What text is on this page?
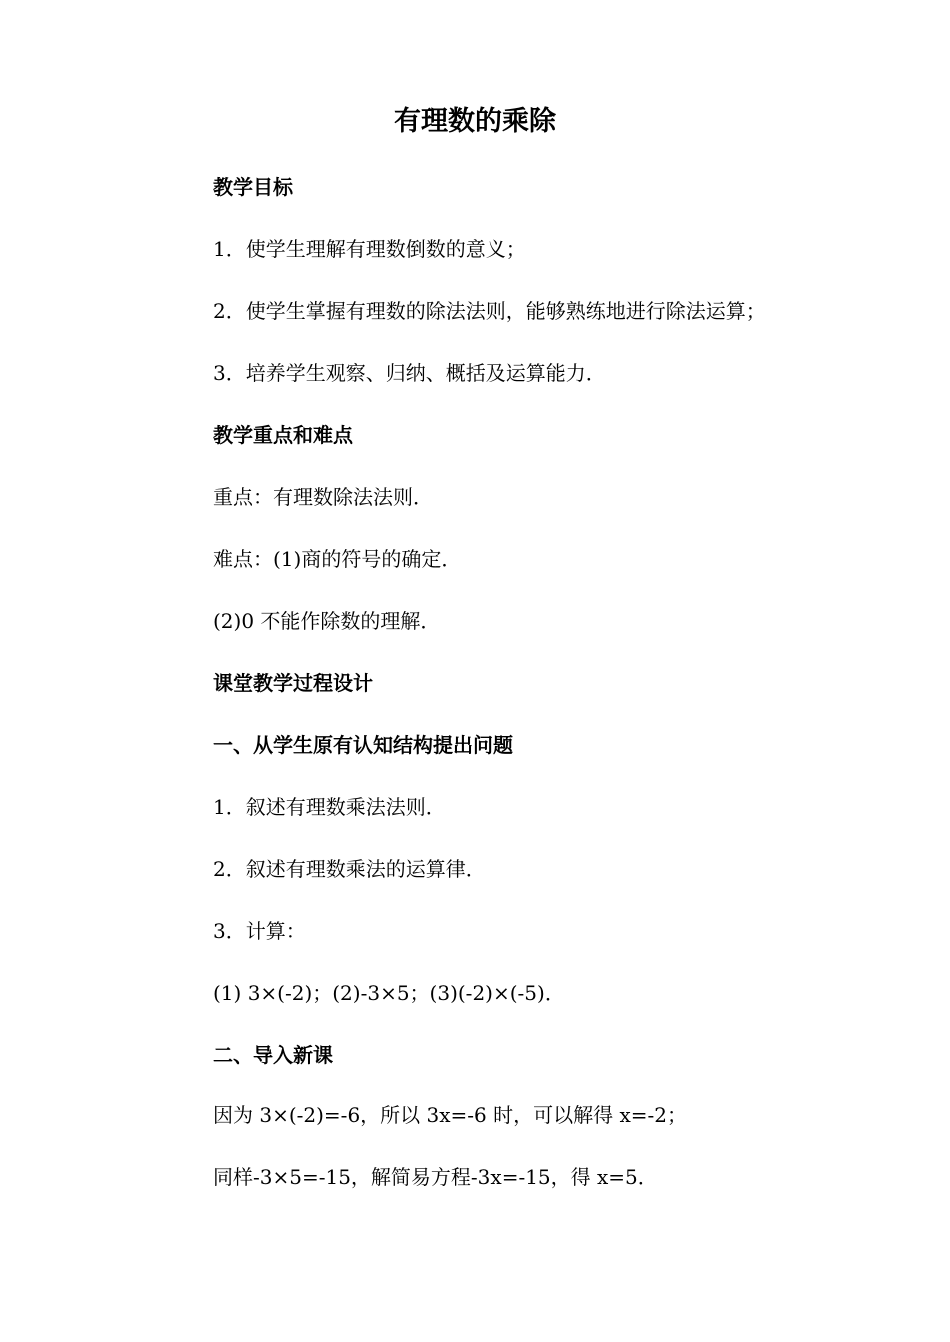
有理数的乘除
教学目标
1．使学生理解有理数倒数的意义；
2．使学生掌握有理数的除法法则，能够熟练地进行除法运算；
3．培养学生观察、归纳、概括及运算能力．
教学重点和难点
重点：有理数除法法则．
难点：(1)商的符号的确定．
(2)0 不能作除数的理解．
课堂教学过程设计
一、从学生原有认知结构提出问题
1．叙述有理数乘法法则．
2．叙述有理数乘法的运算律．
3．计算：
(1) 3×(-2)；(2)-3×5；(3)(-2)×(-5)．
二、导入新课
因为 3×(-2)=-6，所以 3x=-6 时，可以解得 x=-2；
同样-3×5=-15，解简易方程-3x=-15，得 x=5．
